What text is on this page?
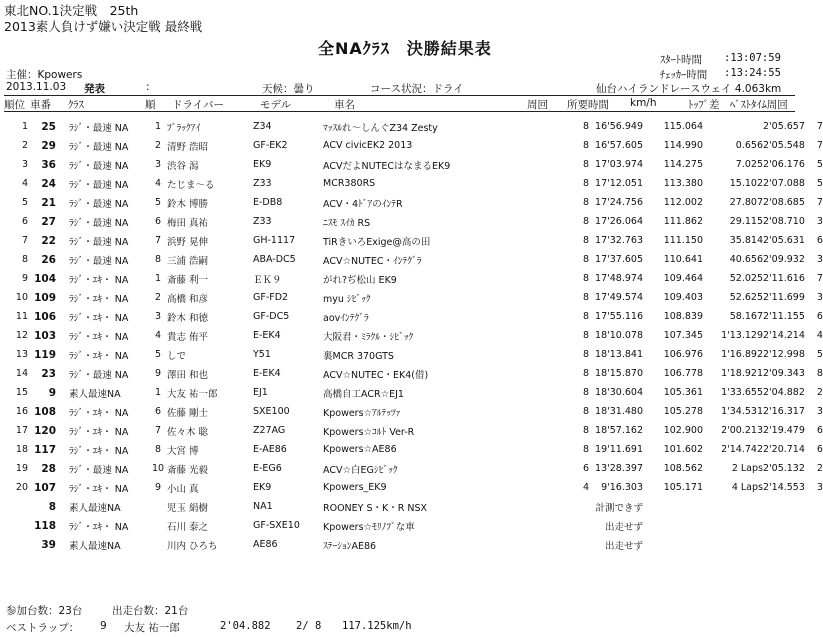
東北NO.1決定戦　25th
2013素人負けず嫌い決定戦 最終戦
全NAｸﾗｽ　決勝結果表
ｽﾀｰﾄ時間 :13:07:59
ﾁｪｯｶｰ時間 :13:24:55
主催：Kpowers
2013.11.03 発表	:	天候：曇り	コース状況：ドライ	仙台ハイランドレースウェイ 4.063km
順位 車番 ｸﾗｽ	順 ドライバー	モデル	車名	周回 所要時間 km/h	ﾄｯﾌﾟ差 ﾍﾞｽﾄﾀｲﾑ周回
1	25		ﾗｼﾞ・最速 NA	1	ﾌﾞﾗｯｸｱｲ	Z34	ﾏｯｽﾙれ～しんぐZ34 Zesty		8	16'56.949	115.064		2'05.657 7
2	29		ﾗｼﾞ・最速 NA	2	清野 浩昭	GF-EK2	ACV civicEK2 2013		8	16'57.605	114.990	0.656	2'05.548 7
3	36		ﾗｼﾞ・最速 NA	3	渋谷 潟	EK9	ACVだよNUTECはなまるEK9		8	17'03.974	114.275	7.025	2'06.176 5
4	24		ﾗｼﾞ・最速 NA	4	たじま～る	Z33	MCR380RS		8	17'12.051	113.380	15.102	2'07.088 5
5	21		ﾗｼﾞ・最速 NA	5	鈴木 博勝	E-DB8	ACV・4ﾄﾞｱのｲﾝﾃR		8	17'24.756	112.002	27.807	2'08.685 7
6	27		ﾗｼﾞ・最速 NA	6	梅田 真祐	Z33	ﾆｽﾓ ｽｲｶ RS		8	17'26.064	111.862	29.115	2'08.710 3
7	22		ﾗｼﾞ・最速 NA	7	浜野 晃伸	GH-1117	TiRきいろExige@高の田		8	17'32.763	111.150	35.814	2'05.631 6
8	26		ﾗｼﾞ・最速 NA	8	三浦 浩嗣	ABA-DC5	ACV☆NUTEC・ｲﾝﾃｸﾞﾗ		8	17'37.605	110.641	40.656	2'09.932 3
9	104		ﾗｼﾞ・ｴｷ・ NA	1	斎藤 利一	ＥＫ９	がれ?ぢ松山 EK9		8	17'48.974	109.464	52.025	2'11.616 7
10	109		ﾗｼﾞ・ｴｷ・ NA	2	高橋 和彦	GF-FD2	myu ｼﾋﾞｯｸ		8	17'49.574	109.403	52.625	2'11.699 3
11	106		ﾗｼﾞ・ｴｷ・ NA	3	鈴木 和徳	GF-DC5	aovｲﾝﾃｸﾞﾗ		8	17'55.116	108.839	58.167	2'11.155 6
12	103		ﾗｼﾞ・ｴｷ・ NA	4	貴志 侑平	E-EK4	大阪君・ﾐﾗｸﾙ・ｼﾋﾞｯｸ		8	18'10.078	107.345	1'13.129	2'14.214 4
13	119		ﾗｼﾞ・ｴｷ・ NA	5	しで	Y51	裏MCR 370GTS		8	18'13.841	106.976	1'16.892	2'12.998 5
14	23		ﾗｼﾞ・最速 NA	9	澤田 和也	E-EK4	ACV☆NUTEC・EK4(借)		8	18'15.870	106.778	1'18.921	2'09.343 8
15	9		素人最速NA	1	大友 祐一郎	EJ1	高橋自工ACR☆EJ1		8	18'30.604	105.361	1'33.655	2'04.882 2
16	108		ﾗｼﾞ・ｴｷ・ NA	6	佐藤 剛士	SXE100	Kpowers☆ｱﾙﾃｯﾂｧ		8	18'31.480	105.278	1'34.531	2'16.317 3
17	120		ﾗｼﾞ・ｴｷ・ NA	7	佐々木 聡	Z27AG	Kpowers☆ｺﾙﾄ Ver-R		8	18'57.162	102.900	2'00.213	2'19.479 6
18	117		ﾗｼﾞ・ｴｷ・ NA	8	大宮 博	E-AE86	Kpowers☆AE86		8	19'11.691	101.602	2'14.742	2'20.714 6
19	28		ﾗｼﾞ・最速 NA	10	斎藤 光毅	E-EG6	ACV☆白EGｼﾋﾞｯｸ		6	13'28.397	108.562	2 Laps	2'05.132 2
20	107		ﾗｼﾞ・ｴｷ・ NA	9	小山 真	EK9	Kpowers_EK9		4	9'16.303	105.171	4 Laps	2'14.553 3
	8		素人最速NA		児玉 絹樹	NA1	ROONEY S・K・R NSX			計測できず			
	118		ﾗｼﾞ・ｴｷ・ NA		石川 泰之	GF-SXE10	Kpowers☆ﾓﾘﾉﾌﾞな車			出走せず			
	39		素人最速NA		川内 ひろち	AE86	ｽﾃｰｼｮﾝAE86			出走せず			
参加台数：23台	出走台数：21台
ベストラップ： 9 大友 祐一郎	2'04.882 2/ 8 117.125km/h
